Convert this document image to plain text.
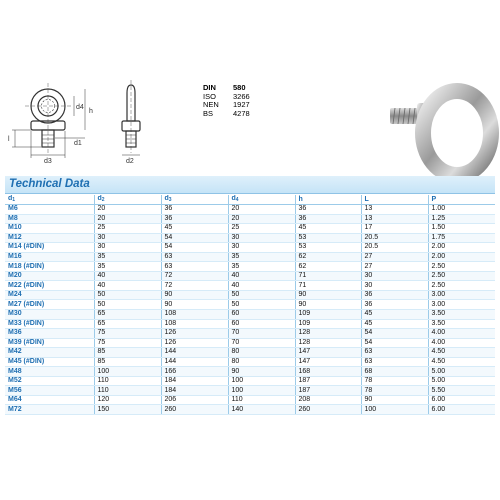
l
d3
d1
d4
h
d2
DIN	580
ISO	3266
NEN	1927
BS	4278
Technical Data
$d_1$	$d_2$	$d_3$	$d_4$	h	L	P
M6	20	36	20	36	13	1.00
M8	20	36	20	36	13	1.25
M10	25	45	25	45	17	1.50
M12	30	54	30	53	20.5	1.75
M14 (#DIN)	30	54	30	53	20.5	2.00
M16	35	63	35	62	27	2.00
M18 (#DIN)	35	63	35	62	27	2.50
M20	40	72	40	71	30	2.50
M22 (#DIN)	40	72	40	71	30	2.50
M24	50	90	50	90	36	3.00
M27 (#DIN)	50	90	50	90	36	3.00
M30	65	108	60	109	45	3.50
M33 (#DIN)	65	108	60	109	45	3.50
M36	75	126	70	128	54	4.00
M39 (#DIN)	75	126	70	128	54	4.00
M42	85	144	80	147	63	4.50
M45 (#DIN)	85	144	80	147	63	4.50
M48	100	166	90	168	68	5.00
M52	110	184	100	187	78	5.00
M56	110	184	100	187	78	5.50
M64	120	206	110	208	90	6.00
M72	150	260	140	260	100	6.00
